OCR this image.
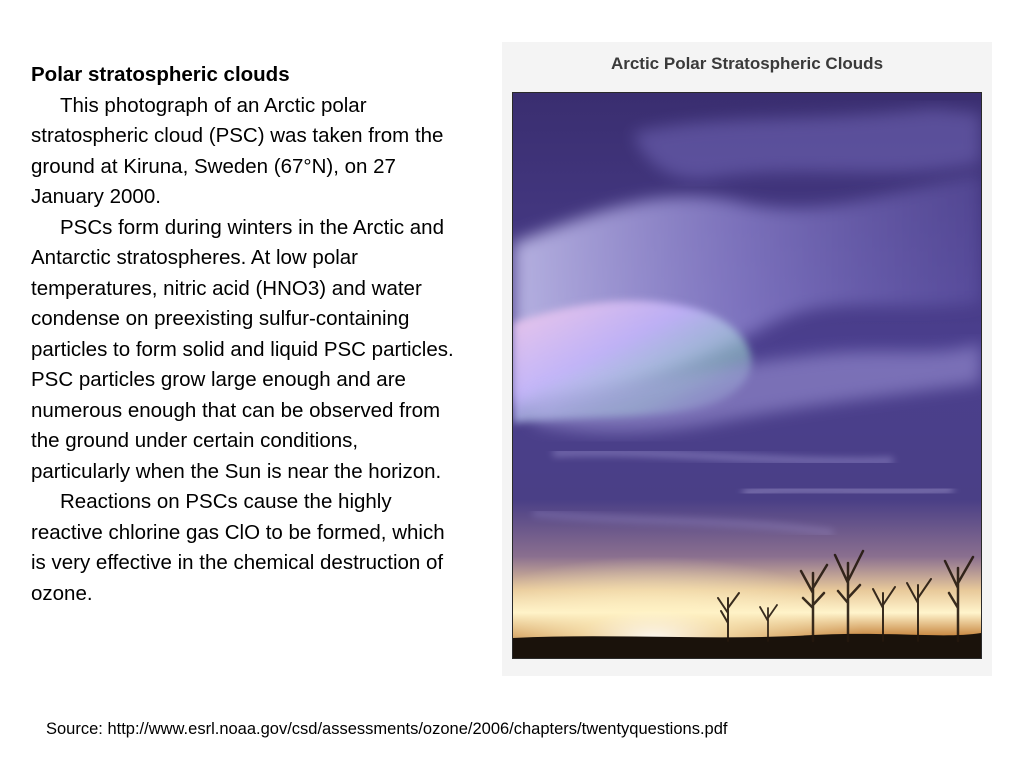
Polar stratospheric clouds

This photograph of an Arctic polar stratospheric cloud (PSC) was taken from the ground at Kiruna, Sweden (67°N), on 27 January 2000.

PSCs form during winters in the Arctic and Antarctic stratospheres. At low polar temperatures, nitric acid (HNO3) and water condense on preexisting sulfur-containing particles to form solid and liquid PSC particles. PSC particles grow large enough and are numerous enough that can be observed from the ground under certain conditions, particularly when the Sun is near the horizon.

Reactions on PSCs cause the highly reactive chlorine gas ClO to be formed, which is very effective in the chemical destruction of ozone.

Arctic Polar Stratospheric Clouds
Source: http://www.esrl.noaa.gov/csd/assessments/ozone/2006/chapters/twentyquestions.pdf
